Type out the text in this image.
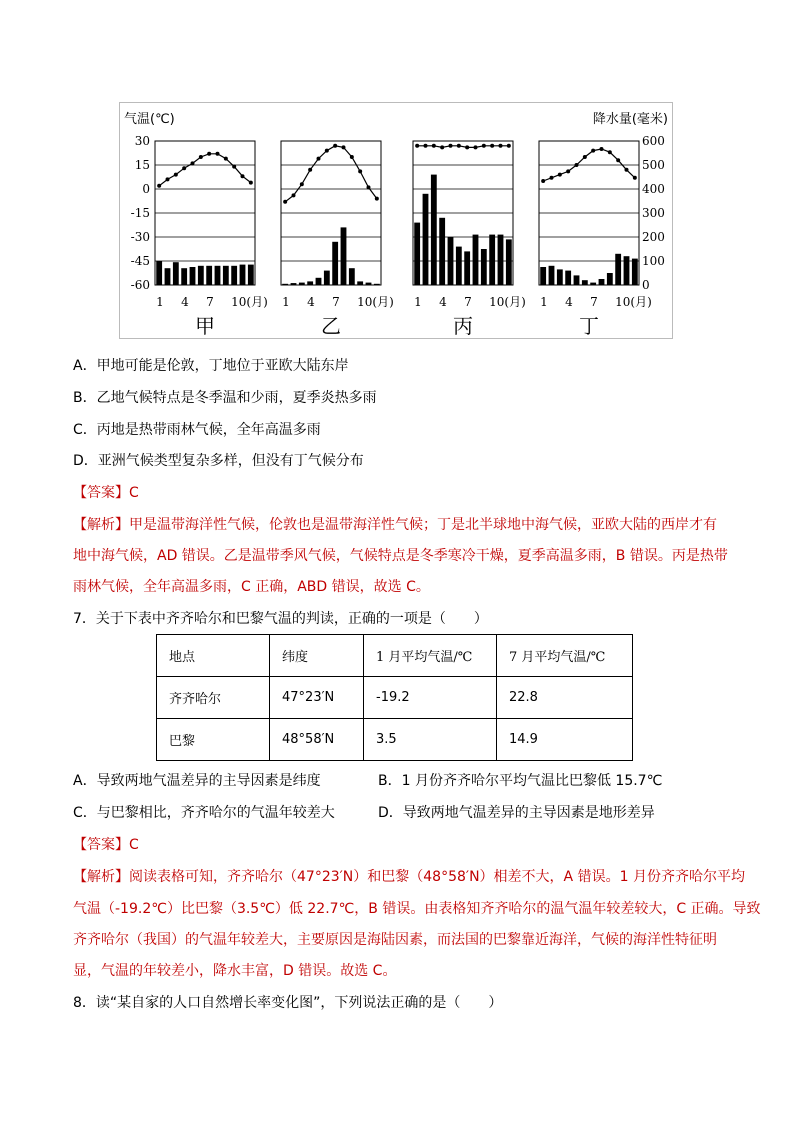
气温(℃)	降水量(毫米)
30
15
0
-15
-30
-45
-60
600
500
400
300
200
100
0
1 4 7 10(月)
甲
1 4 7 10(月)
乙
1 4 7 10(月)
丙
1 4 7 10(月)
丁
A．甲地可能是伦敦，丁地位于亚欧大陆东岸
B．乙地气候特点是冬季温和少雨，夏季炎热多雨
C．丙地是热带雨林气候，全年高温多雨
D．亚洲气候类型复杂多样，但没有丁气候分布
【答案】C
【解析】甲是温带海洋性气候，伦敦也是温带海洋性气候；丁是北半球地中海气候，亚欧大陆的西岸才有
地中海气候，AD 错误。乙是温带季风气候，气候特点是冬季寒冷干燥，夏季高温多雨，B 错误。丙是热带
雨林气候，全年高温多雨，C 正确，ABD 错误，故选 C。
7．关于下表中齐齐哈尔和巴黎气温的判读，正确的一项是（　　）
地点	纬度	1 月平均气温/℃	7 月平均气温/℃
齐齐哈尔	47°23′N	-19.2	22.8
巴黎	48°58′N	3.5	14.9
A．导致两地气温差异的主导因素是纬度	B．1 月份齐齐哈尔平均气温比巴黎低 15.7℃
C．与巴黎相比，齐齐哈尔的气温年较差大	D．导致两地气温差异的主导因素是地形差异
【答案】C
【解析】阅读表格可知，齐齐哈尔（47°23′N）和巴黎（48°58′N）相差不大，A 错误。1 月份齐齐哈尔平均
气温（-19.2℃）比巴黎（3.5℃）低 22.7℃，B 错误。由表格知齐齐哈尔的温气温年较差较大，C 正确。导致
齐齐哈尔（我国）的气温年较差大，主要原因是海陆因素，而法国的巴黎靠近海洋，气候的海洋性特征明
显，气温的年较差小，降水丰富，D 错误。故选 C。
8．读“某自家的人口自然增长率变化图”，下列说法正确的是（　　）
